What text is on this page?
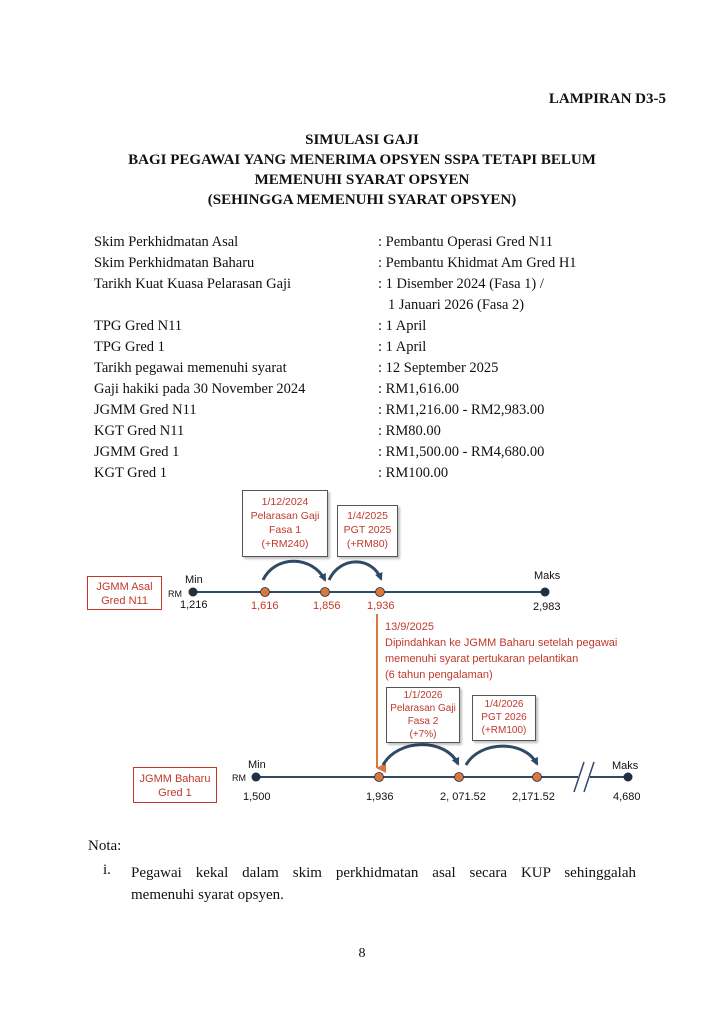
LAMPIRAN D3-5
SIMULASI GAJI
BAGI PEGAWAI YANG MENERIMA OPSYEN SSPA TETAPI BELUM
MEMENUHI SYARAT OPSYEN
(SEHINGGA MEMENUHI SYARAT OPSYEN)
Skim Perkhidmatan Asal	: Pembantu Operasi Gred N11
Skim Perkhidmatan Baharu	: Pembantu Khidmat Am Gred H1
Tarikh Kuat Kuasa Pelarasan Gaji	: 1 Disember 2024 (Fasa 1) /
1 Januari 2026 (Fasa 2)
TPG Gred N11	: 1 April
TPG Gred 1	: 1 April
Tarikh pegawai memenuhi syarat	: 12 September 2025
Gaji hakiki pada 30 November 2024	: RM1,616.00
JGMM Gred N11	: RM1,216.00 - RM2,983.00
KGT Gred N11	: RM80.00
JGMM Gred 1	: RM1,500.00 - RM4,680.00
KGT Gred 1	: RM100.00
JGMM Asal
Gred N11
Min
RM
Maks
1,216	1,616	1,856 1,936	2,983
1/12/2024
Pelarasan Gaji
Fasa 1
(+RM240)
1/4/2025
PGT 2025
(+RM80)
13/9/2025
Dipindahkan ke JGMM Baharu setelah pegawai
memenuhi syarat pertukaran pelantikan
(6 tahun pengalaman)
1/1/2026
Pelarasan Gaji
Fasa 2
(+7%)
1/4/2026
PGT 2026
(+RM100)
JGMM Baharu
Gred 1
Min
RM
Maks
1,500	1,936	2, 071.52 2,171.52	4,680
Nota:
i. Pegawai kekal dalam skim perkhidmatan asal secara KUP sehinggalah
memenuhi syarat opsyen.
8
